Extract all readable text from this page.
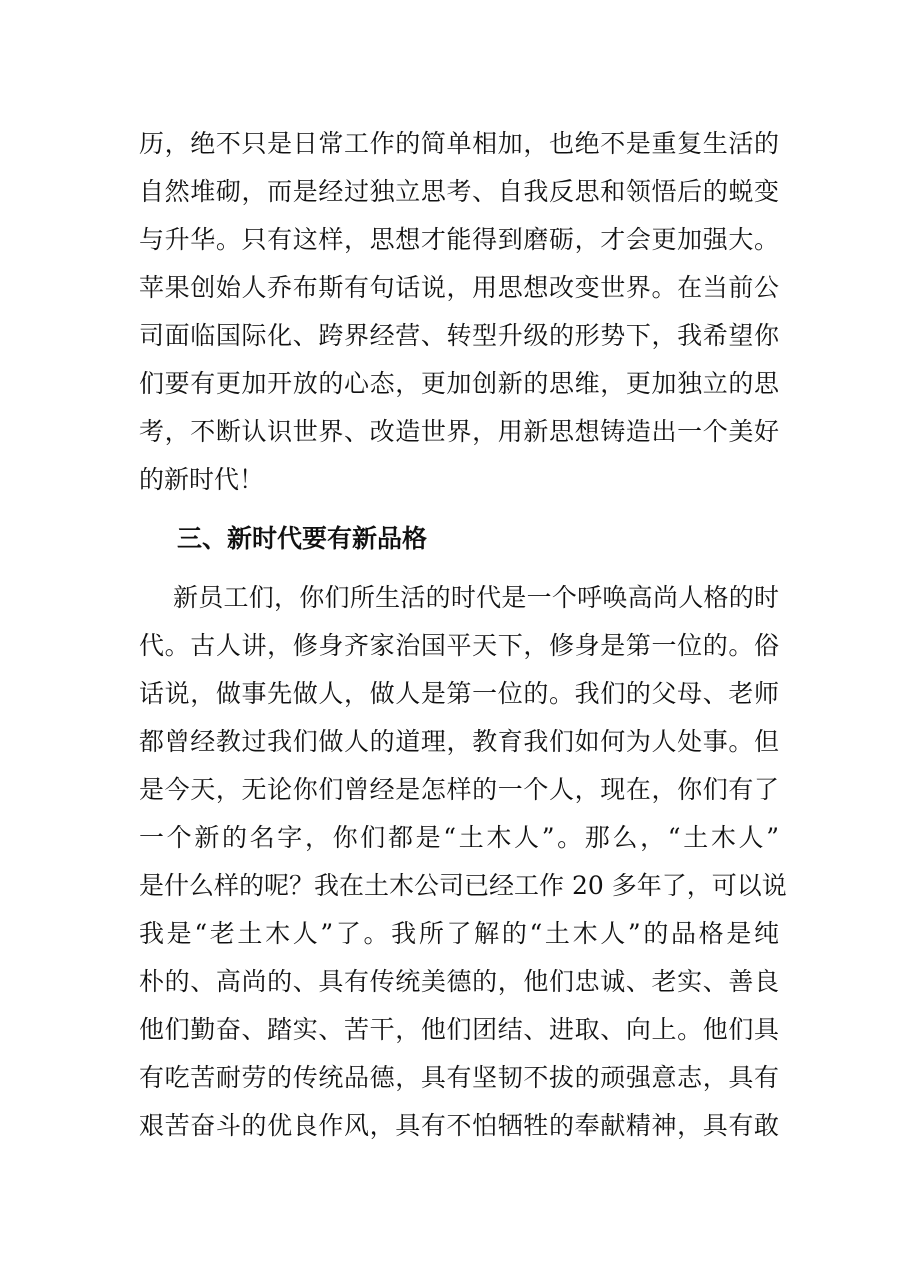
历，绝不只是日常工作的简单相加，也绝不是重复生活的
自然堆砌，而是经过独立思考、自我反思和领悟后的蜕变
与升华。只有这样，思想才能得到磨砺，才会更加强大。
苹果创始人乔布斯有句话说，用思想改变世界。在当前公
司面临国际化、跨界经营、转型升级的形势下，我希望你
们要有更加开放的心态，更加创新的思维，更加独立的思
考，不断认识世界、改造世界，用新思想铸造出一个美好
的新时代！
三、新时代要有新品格
新员工们，你们所生活的时代是一个呼唤高尚人格的时
代。古人讲，修身齐家治国平天下，修身是第一位的。俗
话说，做事先做人，做人是第一位的。我们的父母、老师
都曾经教过我们做人的道理，教育我们如何为人处事。但
是今天，无论你们曾经是怎样的一个人，现在，你们有了
一个新的名字，你们都是“土木人”。那么，“土木人”
是什么样的呢？我在土木公司已经工作 20 多年了，可以说
我是“老土木人”了。我所了解的“土木人”的品格是纯
朴的、高尚的、具有传统美德的，他们忠诚、老实、善良
他们勤奋、踏实、苦干，他们团结、进取、向上。他们具
有吃苦耐劳的传统品德，具有坚韧不拔的顽强意志，具有
艰苦奋斗的优良作风，具有不怕牺牲的奉献精神，具有敢
